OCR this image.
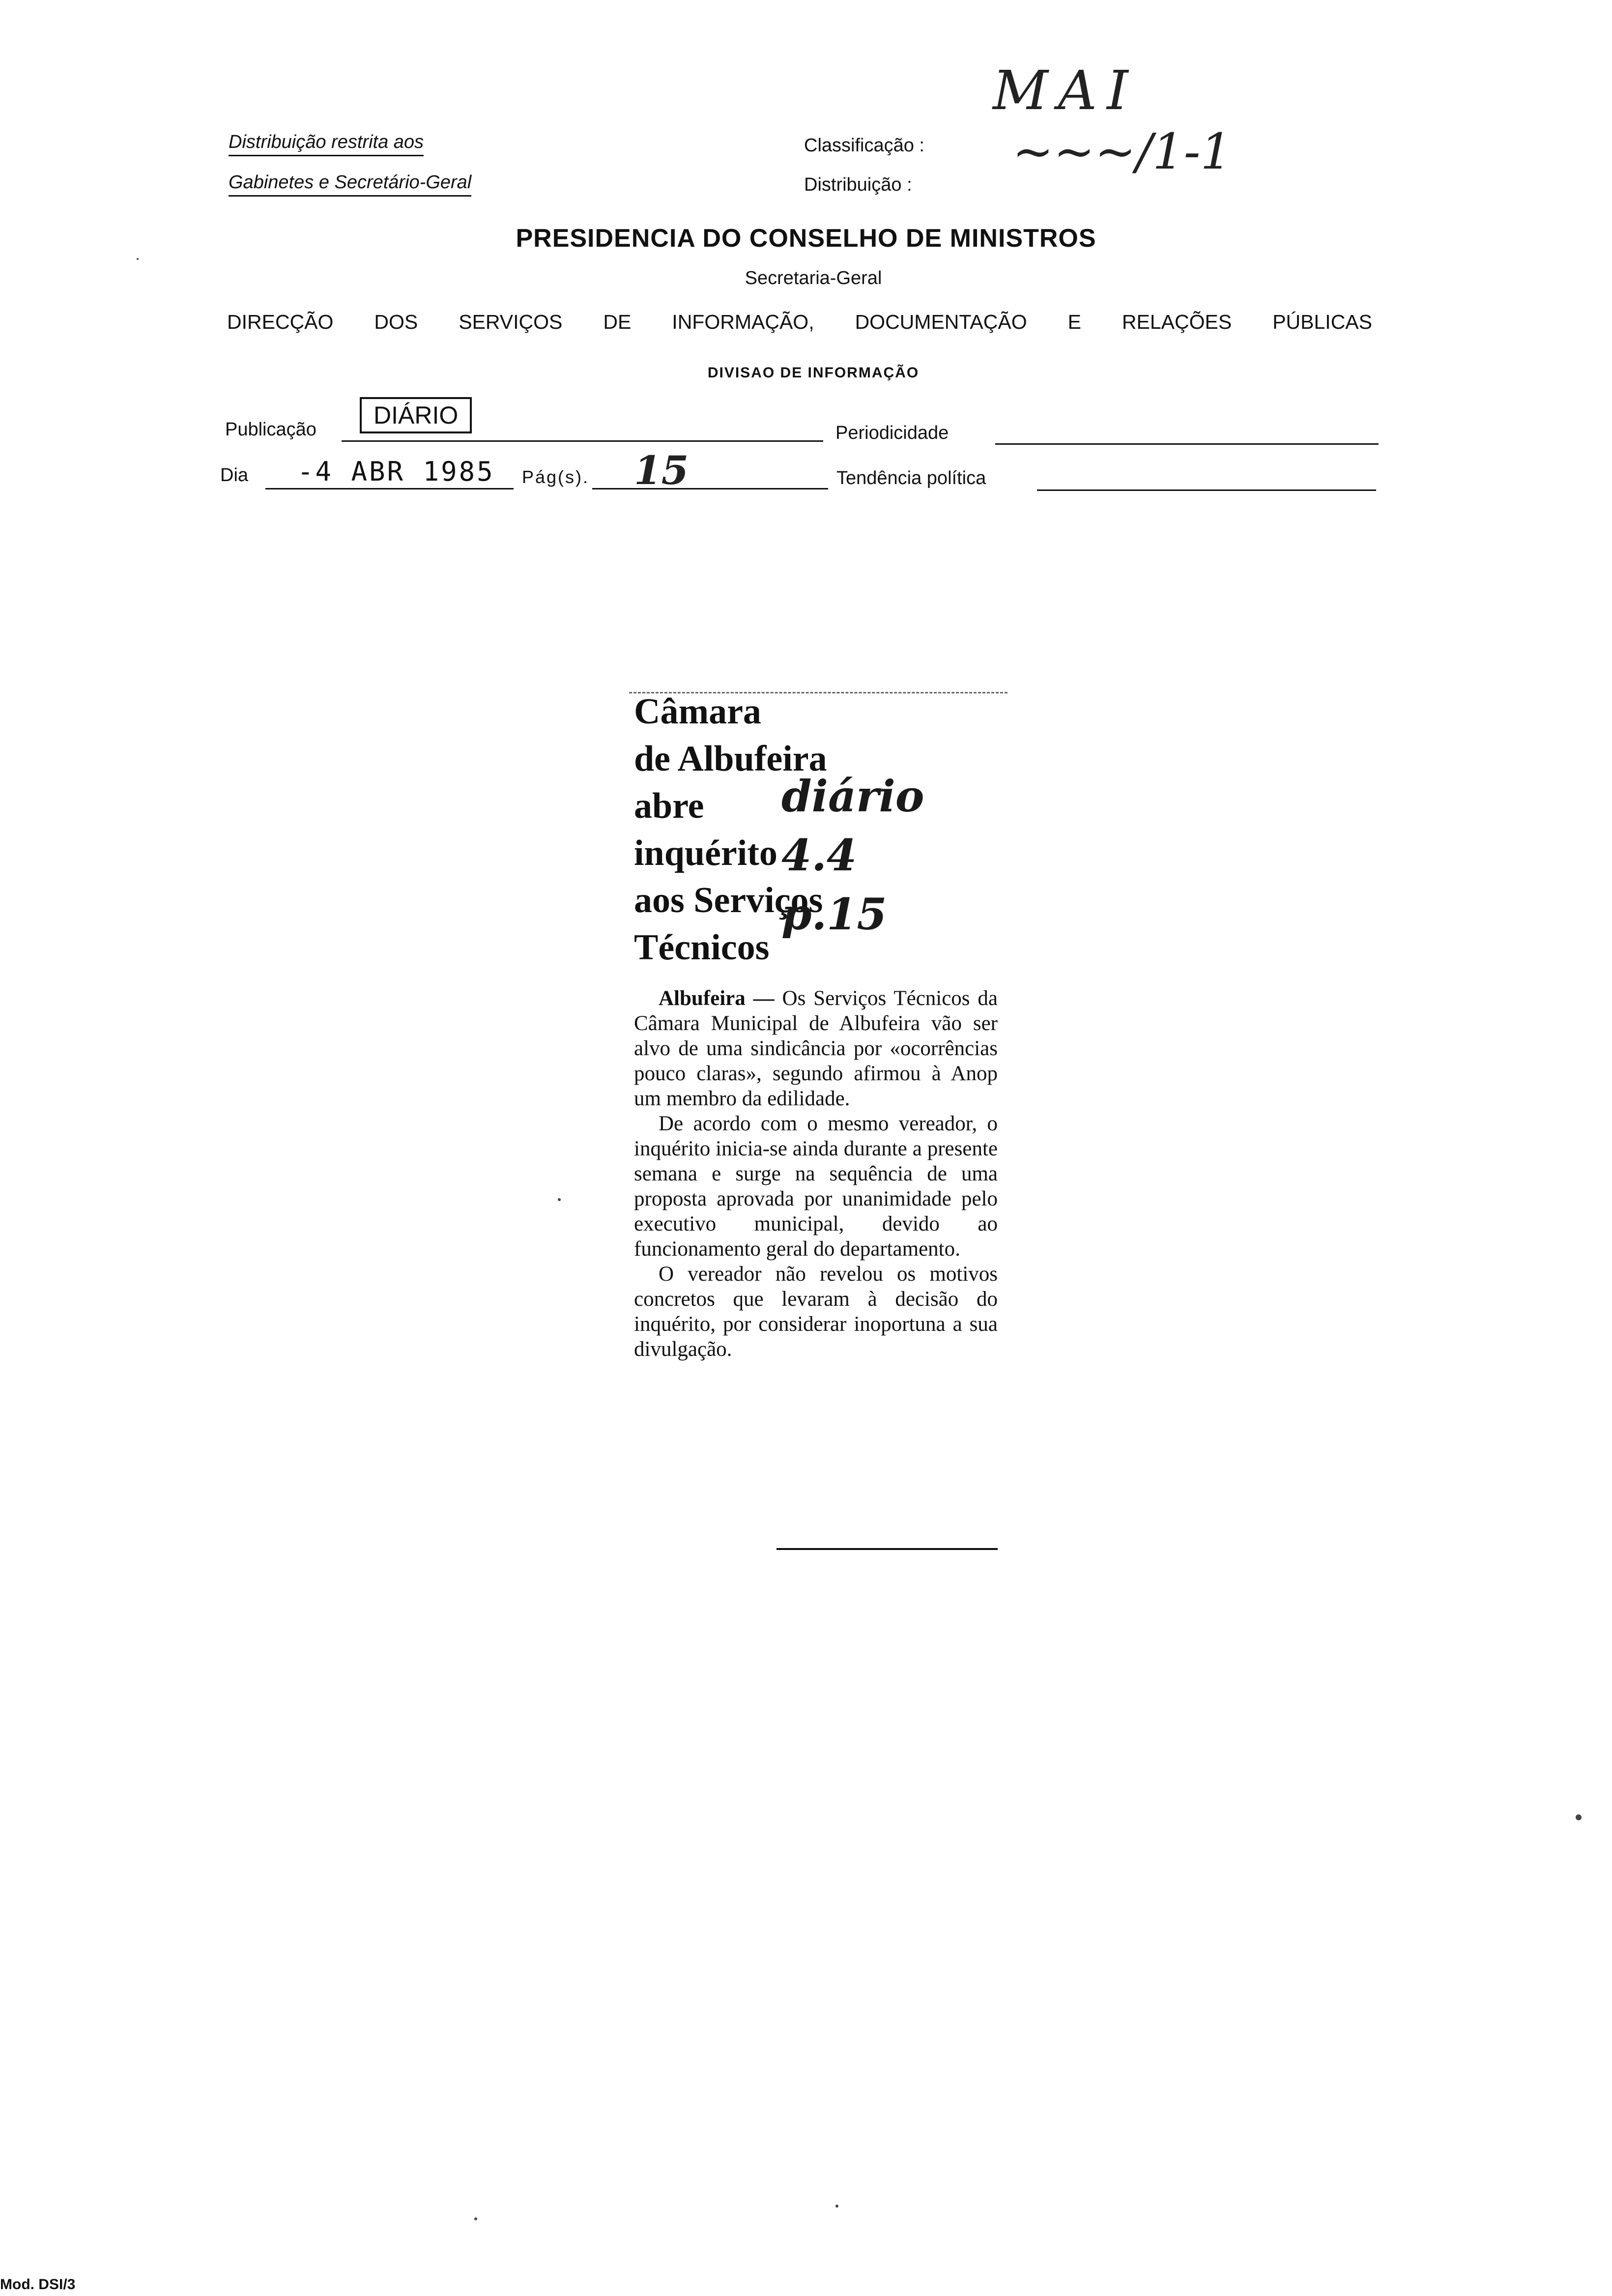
Distribuição restrita aos
Gabinetes e Secretário-Geral
Classificação :
Distribuição :
MAI
~~~/1-1
PRESIDENCIA DO CONSELHO DE MINISTROS
Secretaria-Geral
DIRECÇÃO DOS SERVIÇOS DE INFORMAÇÃO, DOCUMENTAÇÃO E RELAÇÕES PÚBLICAS
DIVISAO DE INFORMAÇÃO
Publicação
DIÁRIO
Periodicidade
Dia -4 ABR 1985 Pág(s). 15	Tendência política
Câmara
de Albufeira
abre
inquérito
aos Serviços
Técnicos

Albufeira — Os Serviços Técnicos da Câmara Municipal de Albufeira vão ser alvo de uma sindicância por «ocorrências pouco claras», segundo afirmou à Anop um membro da edilidade.

De acordo com o mesmo vereador, o inquérito inicia-se ainda durante a presente semana e surge na sequência de uma proposta aprovada por unanimidade pelo executivo municipal, devido ao funcionamento geral do departamento.

O vereador não revelou os motivos concretos que levaram à decisão do inquérito, por considerar inoportuna a sua divulgação.

diário 4.4 p.15
Mod. DSI/3
